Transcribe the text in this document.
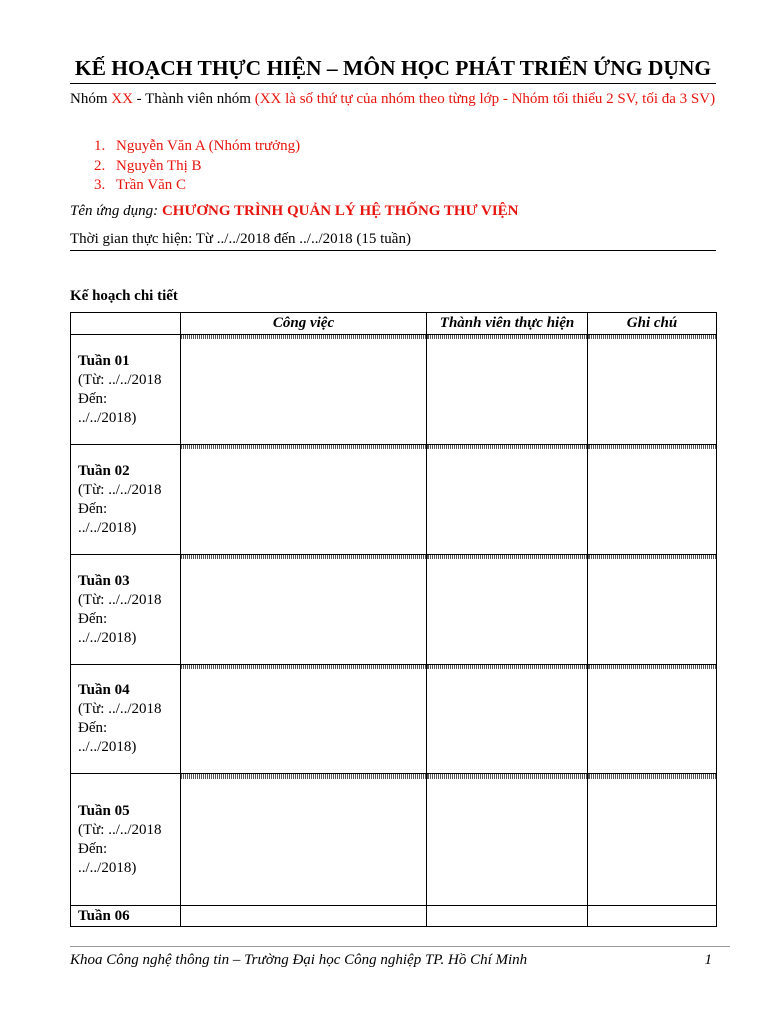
KẾ HOẠCH THỰC HIỆN – MÔN HỌC PHÁT TRIỂN ỨNG DỤNG
Nhóm XX - Thành viên nhóm (XX là số thứ tự của nhóm theo từng lớp - Nhóm tối thiểu 2 SV, tối đa 3 SV)
1. Nguyễn Văn A (Nhóm trưởng)
2. Nguyễn Thị B
3. Trần Văn C
Tên ứng dụng: CHƯƠNG TRÌNH QUẢN LÝ HỆ THỐNG THƯ VIỆN
Thời gian thực hiện: Từ ../../2018 đến ../../2018 (15 tuần)
Kế hoạch chi tiết
	Công việc	Thành viên thực hiện	Ghi chú

Tuần 01
(Từ: ../../2018
Đến:
../../2018)			

Tuần 02
(Từ: ../../2018
Đến:
../../2018)			

Tuần 03
(Từ: ../../2018
Đến:
../../2018)			

Tuần 04
(Từ: ../../2018
Đến:
../../2018)			

Tuần 05
(Từ: ../../2018
Đến:
../../2018)			

Tuần 06			

Khoa Công nghệ thông tin – Trường Đại học Công nghiệp TP. Hồ Chí Minh	1
